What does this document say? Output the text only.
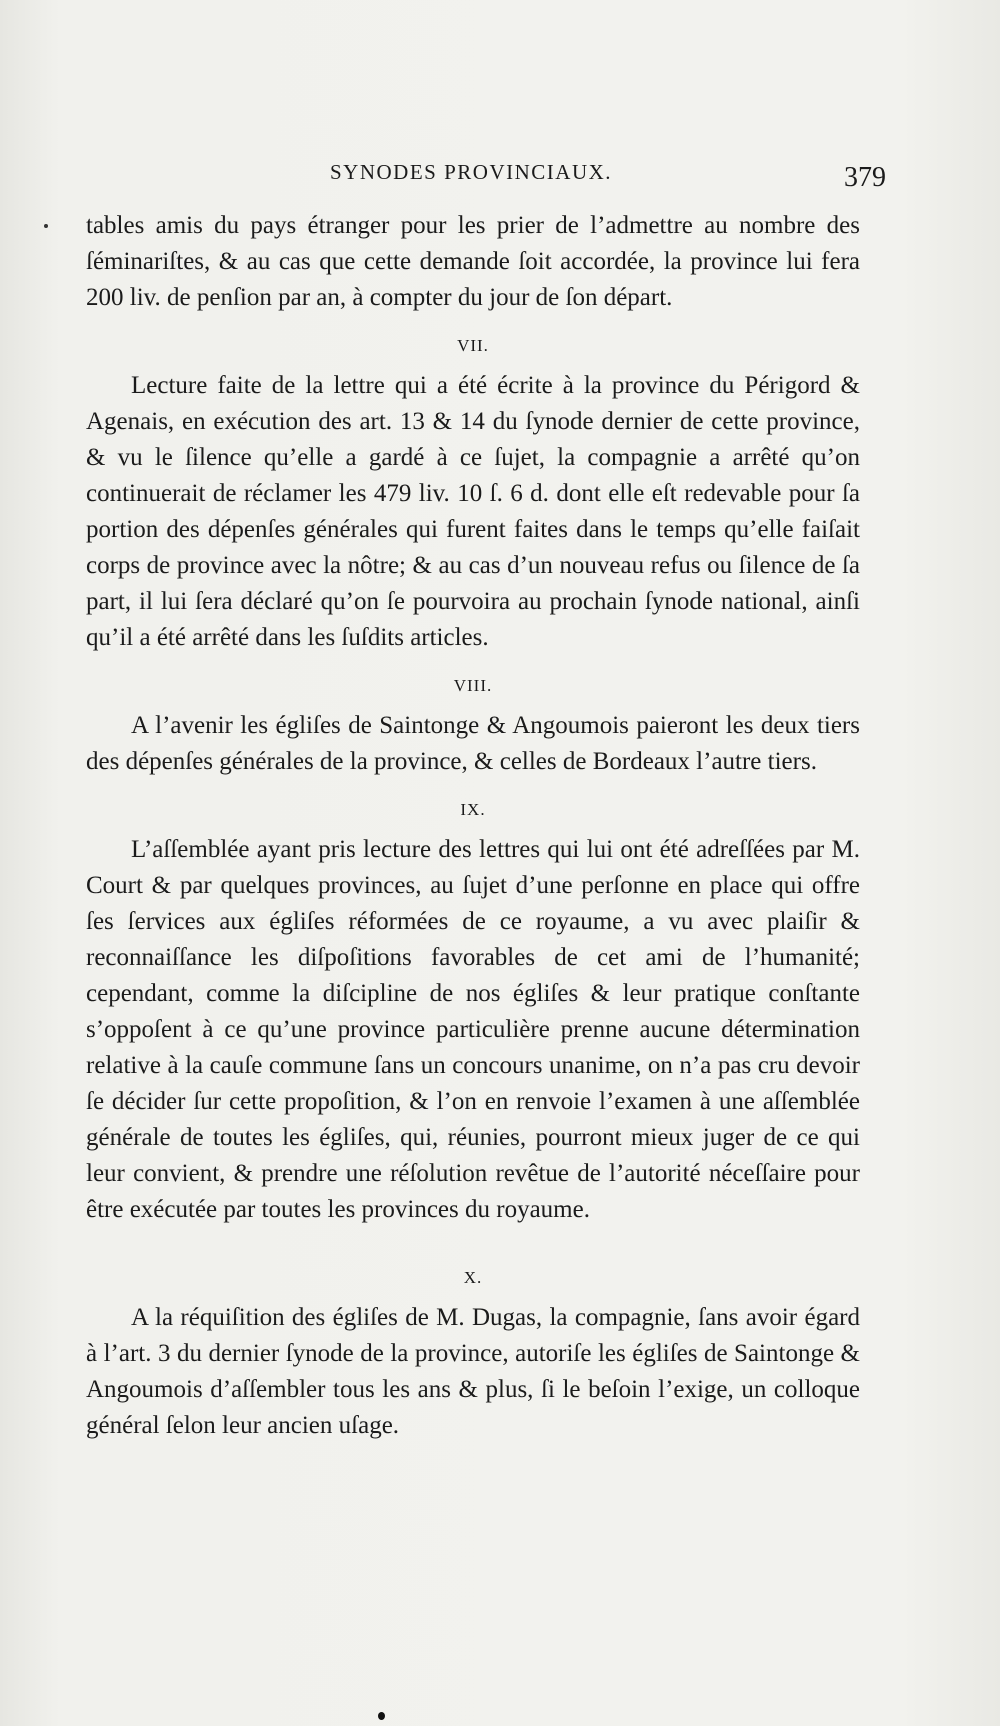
SYNODES PROVINCIAUX.	379

tables amis du pays étranger pour les prier de l’admettre au nombre des ſéminariſtes, & au cas que cette demande ſoit accordée, la province lui fera 200 liv. de penſion par an, à compter du jour de ſon départ.

VII.

Lecture faite de la lettre qui a été écrite à la province du Périgord & Agenais, en exécution des art. 13 & 14 du ſynode dernier de cette province, & vu le ſilence qu’elle a gardé à ce ſujet, la compagnie a arrêté qu’on continuerait de réclamer les 479 liv. 10 ſ. 6 d. dont elle eſt redevable pour ſa portion des dépenſes générales qui furent faites dans le temps qu’elle faiſait corps de province avec la nôtre; & au cas d’un nouveau refus ou ſilence de ſa part, il lui ſera déclaré qu’on ſe pourvoira au prochain ſynode national, ainſi qu’il a été arrêté dans les ſuſdits articles.

VIII.

A l’avenir les égliſes de Saintonge & Angoumois paieront les deux tiers des dépenſes générales de la province, & celles de Bordeaux l’autre tiers.

IX.

L’aſſemblée ayant pris lecture des lettres qui lui ont été adreſſées par M. Court & par quelques provinces, au ſujet d’une perſonne en place qui offre ſes ſervices aux égliſes réformées de ce royaume, a vu avec plaiſir & reconnaiſſance les diſpoſitions favorables de cet ami de l’humanité; cependant, comme la diſcipline de nos égliſes & leur pratique conſtante s’oppoſent à ce qu’une province particulière prenne aucune détermination relative à la cauſe commune ſans un concours unanime, on n’a pas cru devoir ſe décider ſur cette propoſition, & l’on en renvoie l’examen à une aſſemblée générale de toutes les égliſes, qui, réunies, pourront mieux juger de ce qui leur convient, & prendre une réſolution revêtue de l’autorité néceſſaire pour être exécutée par toutes les provinces du royaume.

X.

A la réquiſition des égliſes de M. Dugas, la compagnie, ſans avoir égard à l’art. 3 du dernier ſynode de la province, autoriſe les égliſes de Saintonge & Angoumois d’aſſembler tous les ans & plus, ſi le beſoin l’exige, un colloque général ſelon leur ancien uſage.
